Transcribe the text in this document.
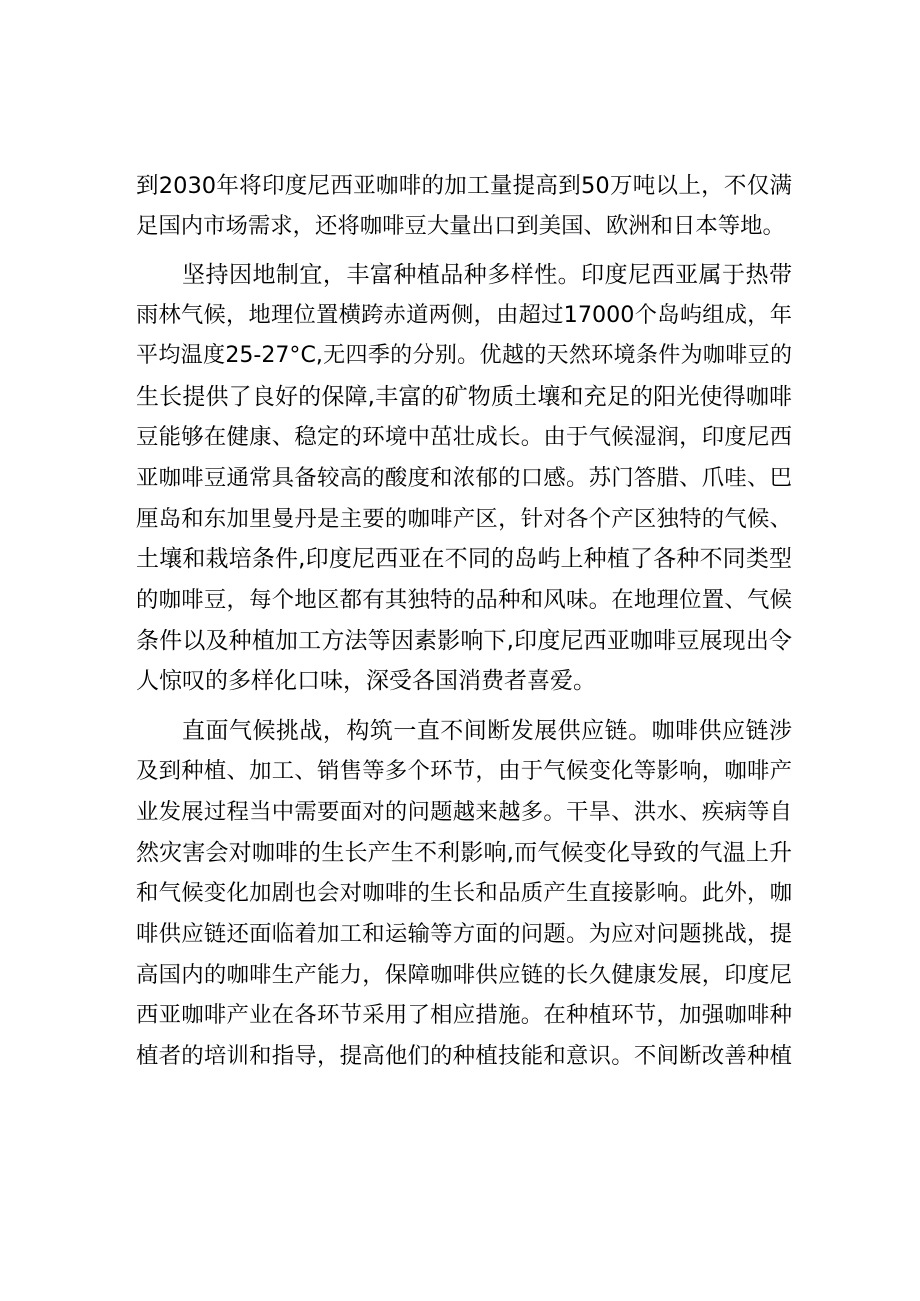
到2030年将印度尼西亚咖啡的加工量提高到50万吨以上，不仅满
足国内市场需求，还将咖啡豆大量出口到美国、欧洲和日本等地。
坚持因地制宜，丰富种植品种多样性。印度尼西亚属于热带
雨林气候，地理位置横跨赤道两侧，由超过17000个岛屿组成，年
平均温度25-27°C,无四季的分别。优越的天然环境条件为咖啡豆的
生长提供了良好的保障,丰富的矿物质土壤和充足的阳光使得咖啡
豆能够在健康、稳定的环境中茁壮成长。由于气候湿润，印度尼西
亚咖啡豆通常具备较高的酸度和浓郁的口感。苏门答腊、爪哇、巴
厘岛和东加里曼丹是主要的咖啡产区，针对各个产区独特的气候、
土壤和栽培条件,印度尼西亚在不同的岛屿上种植了各种不同类型
的咖啡豆，每个地区都有其独特的品种和风味。在地理位置、气候
条件以及种植加工方法等因素影响下,印度尼西亚咖啡豆展现出令
人惊叹的多样化口味，深受各国消费者喜爱。
直面气候挑战，构筑一直不间断发展供应链。咖啡供应链涉
及到种植、加工、销售等多个环节，由于气候变化等影响，咖啡产
业发展过程当中需要面对的问题越来越多。干旱、洪水、疾病等自
然灾害会对咖啡的生长产生不利影响,而气候变化导致的气温上升
和气候变化加剧也会对咖啡的生长和品质产生直接影响。此外，咖
啡供应链还面临着加工和运输等方面的问题。为应对问题挑战，提
高国内的咖啡生产能力，保障咖啡供应链的长久健康发展，印度尼
西亚咖啡产业在各环节采用了相应措施。在种植环节，加强咖啡种
植者的培训和指导，提高他们的种植技能和意识。不间断改善种植
